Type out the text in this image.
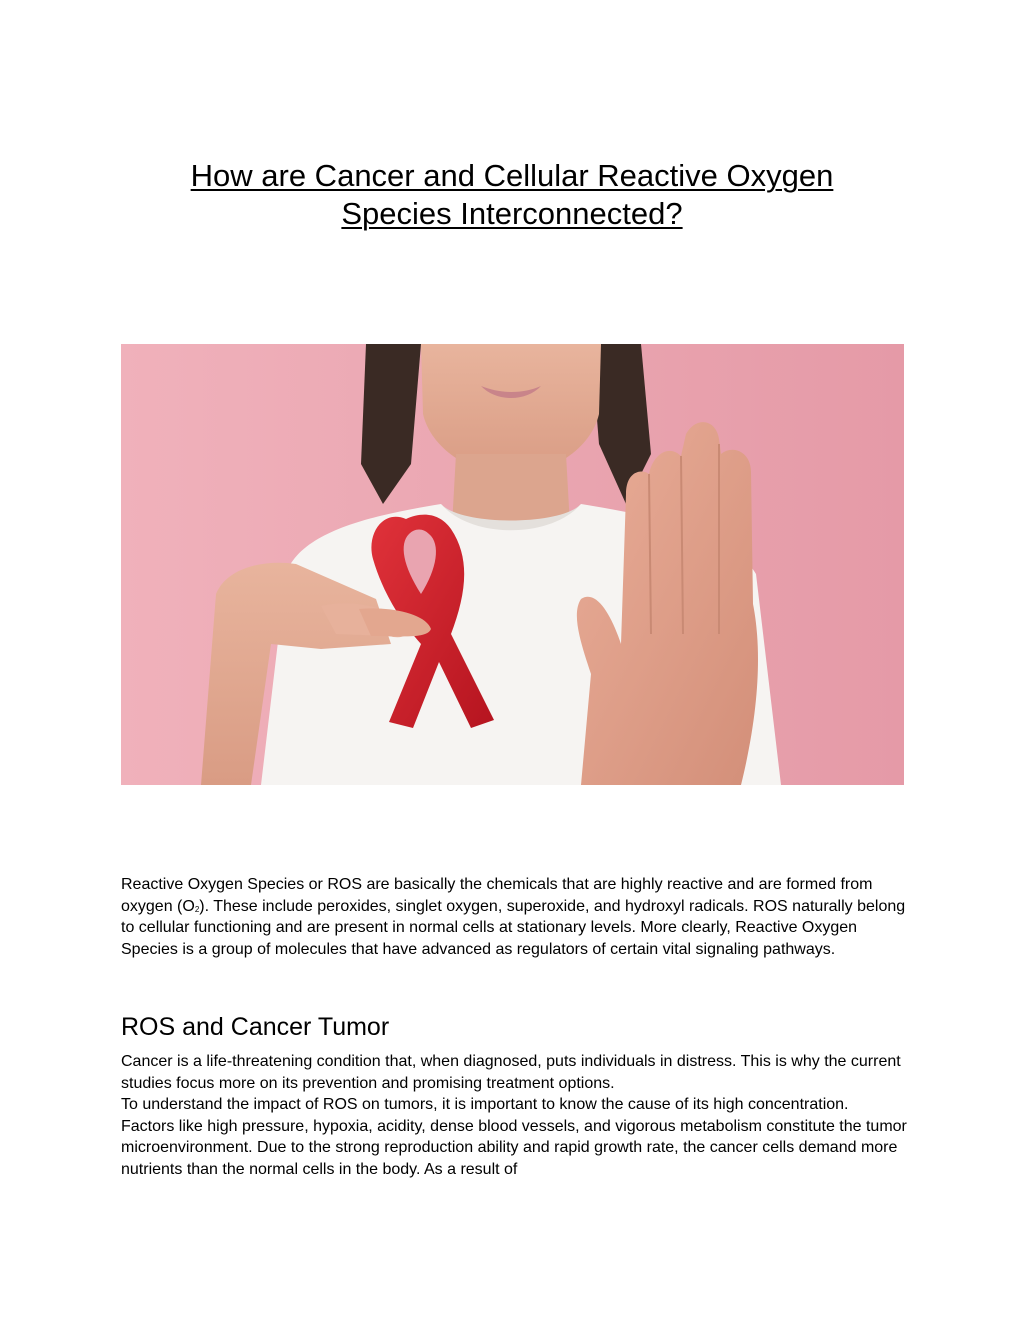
How are Cancer and Cellular Reactive Oxygen
Species Interconnected?

Reactive Oxygen Species or ROS are basically the chemicals that are highly reactive and are formed from oxygen $(O_2)$. These include peroxides, singlet oxygen, superoxide, and hydroxyl radicals. ROS naturally belong to cellular functioning and are present in normal cells at stationary levels. More clearly, Reactive Oxygen Species is a group of molecules that have advanced as regulators of certain vital signaling pathways.

ROS and Cancer Tumor

Cancer is a life-threatening condition that, when diagnosed, puts individuals in distress. This is why the current studies focus more on its prevention and promising treatment options.
To understand the impact of ROS on tumors, it is important to know the cause of its high concentration.
Factors like high pressure, hypoxia, acidity, dense blood vessels, and vigorous metabolism constitute the tumor microenvironment. Due to the strong reproduction ability and rapid growth rate, the cancer cells demand more nutrients than the normal cells in the body. As a result of
